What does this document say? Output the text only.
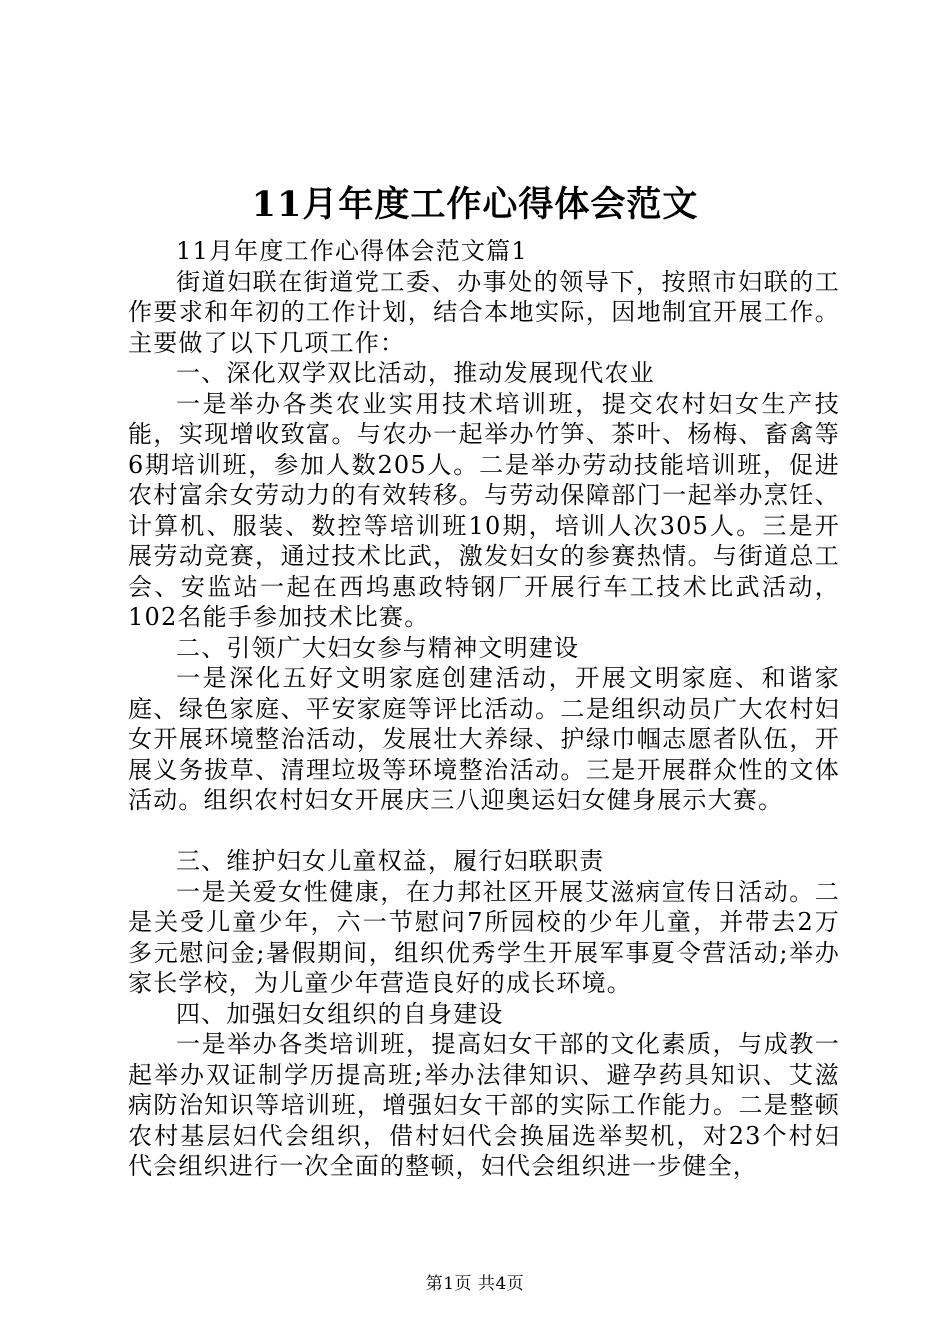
11月年度工作心得体会范文

11月年度工作心得体会范文篇1

街道妇联在街道党工委、办事处的领导下，按照市妇联的工作要求和年初的工作计划，结合本地实际，因地制宜开展工作。主要做了以下几项工作：

一、深化双学双比活动，推动发展现代农业

一是举办各类农业实用技术培训班，提交农村妇女生产技能，实现增收致富。与农办一起举办竹笋、茶叶、杨梅、畜禽等6期培训班，参加人数205人。二是举办劳动技能培训班，促进农村富余女劳动力的有效转移。与劳动保障部门一起举办烹饪、计算机、服装、数控等培训班10期，培训人次305人。三是开展劳动竞赛，通过技术比武，激发妇女的参赛热情。与街道总工会、安监站一起在西坞惠政特钢厂开展行车工技术比武活动，102名能手参加技术比赛。

二、引领广大妇女参与精神文明建设

一是深化五好文明家庭创建活动，开展文明家庭、和谐家庭、绿色家庭、平安家庭等评比活动。二是组织动员广大农村妇女开展环境整治活动，发展壮大养绿、护绿巾帼志愿者队伍，开展义务拔草、清理垃圾等环境整治活动。三是开展群众性的文体活动。组织农村妇女开展庆三八迎奥运妇女健身展示大赛。

三、维护妇女儿童权益，履行妇联职责

一是关爱女性健康，在力邦社区开展艾滋病宣传日活动。二是关受儿童少年，六一节慰问7所园校的少年儿童，并带去2万多元慰问金;暑假期间，组织优秀学生开展军事夏令营活动;举办家长学校，为儿童少年营造良好的成长环境。

四、加强妇女组织的自身建设

一是举办各类培训班，提高妇女干部的文化素质，与成教一起举办双证制学历提高班;举办法律知识、避孕药具知识、艾滋病防治知识等培训班，增强妇女干部的实际工作能力。二是整顿农村基层妇代会组织，借村妇代会换届选举契机，对23个村妇代会组织进行一次全面的整顿，妇代会组织进一步健全，

第1页 共4页
